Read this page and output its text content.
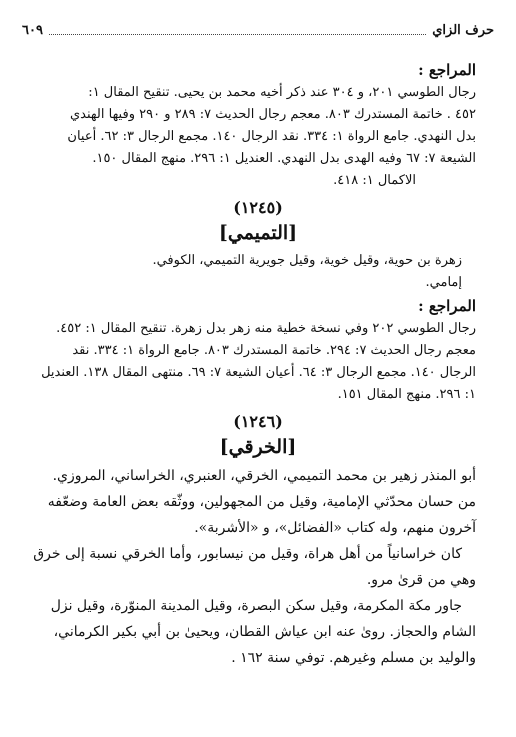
حرف الزاي
٦٠٩
المراجع :
رجال الطوسي ٢٠١، و ٣٠٤ عند ذكر أخيه محمد بن يحيى. تنقيح المقال ١:
٤٥٢ . خاتمة المستدرك ٨٠٣. معجم رجال الحديث ٧: ٢٨٩ و ٢٩٠ وفيها الهندي
بدل النهدي. جامع الرواة ١: ٣٣٤. نقد الرجال ١٤٠. مجمع الرجال ٣: ٦٢. أعيان
الشيعة ٧: ٦٧ وفيه الهدى بدل النهدي. العنديل ١: ٢٩٦. منهج المقال ١٥٠.
الاكمال ١: ٤١٨.
(١٢٤٥)
[التميمي]
زهرة بن حوية، وقيل خوية، وقيل جويرية التميمي، الكوفي.
إمامي.
المراجع :
رجال الطوسي ٢٠٢ وفي نسخة خطية منه زهر بدل زهرة. تنقيح المقال ١: ٤٥٢.
معجم رجال الحديث ٧: ٢٩٤. خاتمة المستدرك ٨٠٣. جامع الرواة ١: ٣٣٤. نقد
الرجال ١٤٠. مجمع الرجال ٣: ٦٤. أعيان الشيعة ٧: ٦٩. منتهى المقال ١٣٨. العنديل
١: ٢٩٦. منهج المقال ١٥١.
(١٢٤٦)
[الخرقي]
أبو المنذر زهير بن محمد التميمي، الخرقي، العنبري، الخراساني، المروزي.
من حسان محدّثي الإمامية، وقيل من المجهولين، ووثّقه بعض العامة وضعّفه
آخرون منهم، وله كتاب «الفضائل»، و «الأشربة».
كان خراسانياً من أهل هراة، وقيل من نيسابور، وأما الخرقي نسبة إلى خرق
وهي من قرىٰ مرو.
جاور مكة المكرمة، وقيل سكن البصرة، وقيل المدينة المنوّرة، وقيل نزل
الشام والحجاز. روىٰ عنه ابن عياش القطان، ويحيىٰ بن أبي بكير الكرماني،
والوليد بن مسلم وغيرهم. توفي سنة ١٦٢ .
